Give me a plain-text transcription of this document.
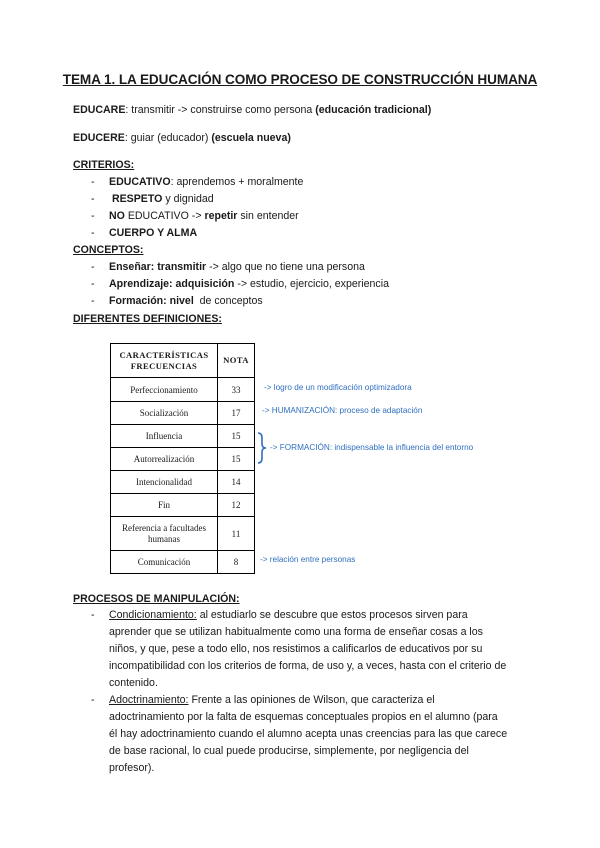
TEMA 1. LA EDUCACIÓN COMO PROCESO DE CONSTRUCCIÓN HUMANA
EDUCARE: transmitir -> construirse como persona (educación tradicional)
EDUCERE: guiar (educador) (escuela nueva)
CRITERIOS:
- EDUCATIVO: aprendemos + moralmente
- RESPETO y dignidad
- NO EDUCATIVO -> repetir sin entender
- CUERPO Y ALMA
CONCEPTOS:
- Enseñar: transmitir -> algo que no tiene una persona
- Aprendizaje: adquisición -> estudio, ejercicio, experiencia
- Formación: nivel  de conceptos
DIFERENTES DEFINICIONES:
CARACTERÍSTICAS FRECUENCIAS	NOTA
Perfeccionamiento	33
Socialización	17
Influencia	15
Autorrealización	15
Intencionalidad	14
Fin	12
Referencia a facultades humanas	11
Comunicación	8
-> logro de un modificación optimizadora
-> HUMANIZACIÓN: proceso de adaptación
-> FORMACIÓN: indispensable la influencia del entorno
-> relación entre personas
PROCESOS DE MANIPULACIÓN:
- Condicionamiento: al estudiarlo se descubre que estos procesos sirven para
aprender que se utilizan habitualmente como una forma de enseñar cosas a los
niños, y que, pese a todo ello, nos resistimos a calificarlos de educativos por su
incompatibilidad con los criterios de forma, de uso y, a veces, hasta con el criterio de
contenido.
- Adoctrinamiento: Frente a las opiniones de Wilson, que caracteriza el
adoctrinamiento por la falta de esquemas conceptuales propios en el alumno (para
él hay adoctrinamiento cuando el alumno acepta unas creencias para las que carece
de base racional, lo cual puede producirse, simplemente, por negligencia del
profesor).
